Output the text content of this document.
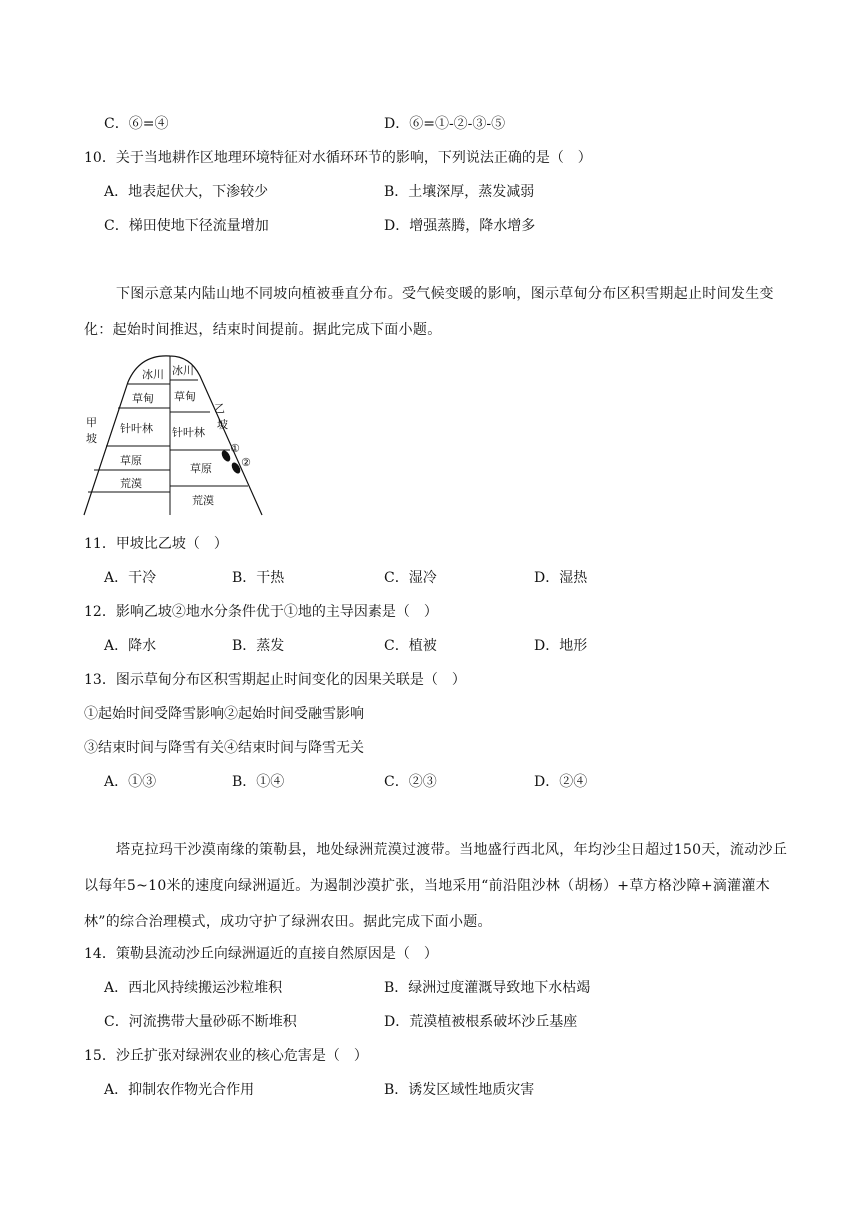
C．⑥=④	D．⑥=①-②-③-⑤
10．关于当地耕作区地理环境特征对水循环环节的影响，下列说法正确的是（　）
A．地表起伏大，下渗较少	B．土壤深厚，蒸发减弱
C．梯田使地下径流量增加	D．增强蒸腾，降水增多
下图示意某内陆山地不同坡向植被垂直分布。受气候变暖的影响，图示草甸分布区积雪期起止时间发生变化：起始时间推迟，结束时间提前。据此完成下面小题。
甲
坡
乙
坡
冰川
草甸
针叶林
草原
荒漠
冰川
草甸
针叶林
草原
荒漠
①
②
11．甲坡比乙坡（　）
A．干冷	B．干热	C．湿冷	D．湿热
12．影响乙坡②地水分条件优于①地的主导因素是（　）
A．降水	B．蒸发	C．植被	D．地形
13．图示草甸分布区积雪期起止时间变化的因果关联是（　）
①起始时间受降雪影响②起始时间受融雪影响
③结束时间与降雪有关④结束时间与降雪无关
A．①③	B．①④	C．②③	D．②④
塔克拉玛干沙漠南缘的策勒县，地处绿洲荒漠过渡带。当地盛行西北风，年均沙尘日超过150天，流动沙丘以每年5~10米的速度向绿洲逼近。为遏制沙漠扩张，当地采用“前沿阻沙林（胡杨）+草方格沙障+滴灌灌木林”的综合治理模式，成功守护了绿洲农田。据此完成下面小题。
14．策勒县流动沙丘向绿洲逼近的直接自然原因是（　）
A．西北风持续搬运沙粒堆积	B．绿洲过度灌溉导致地下水枯竭
C．河流携带大量砂砾不断堆积	D．荒漠植被根系破坏沙丘基座
15．沙丘扩张对绿洲农业的核心危害是（　）
A．抑制农作物光合作用	B．诱发区域性地质灾害
